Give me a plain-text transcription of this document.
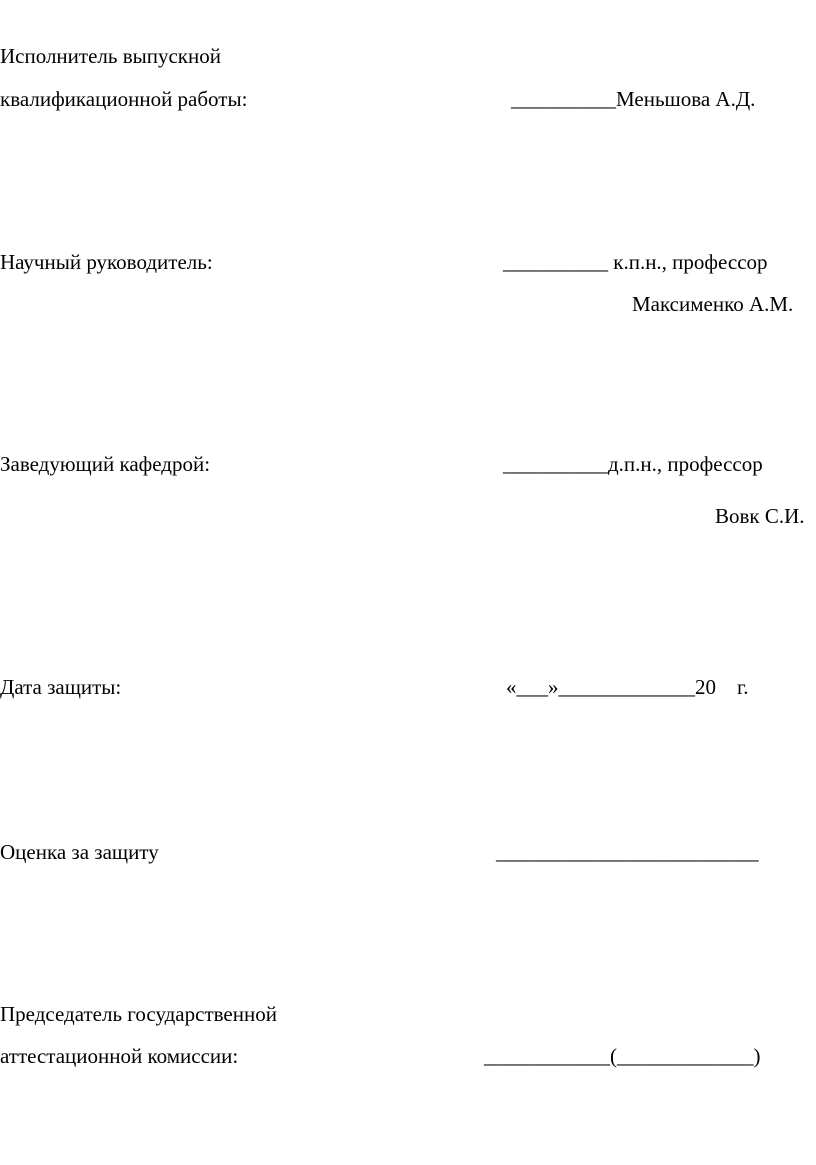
Исполнитель выпускной
квалификационной работы:	__________Меньшова А.Д.
Научный руководитель:	__________ к.п.н., профессор
Максименко А.М.
Заведующий кафедрой:	__________д.п.н., профессор
Вовк С.И.
Дата защиты:	«___»_____________20    г.
Оценка за защиту	_________________________
Председатель государственной
аттестационной комиссии:	____________(_____________)
